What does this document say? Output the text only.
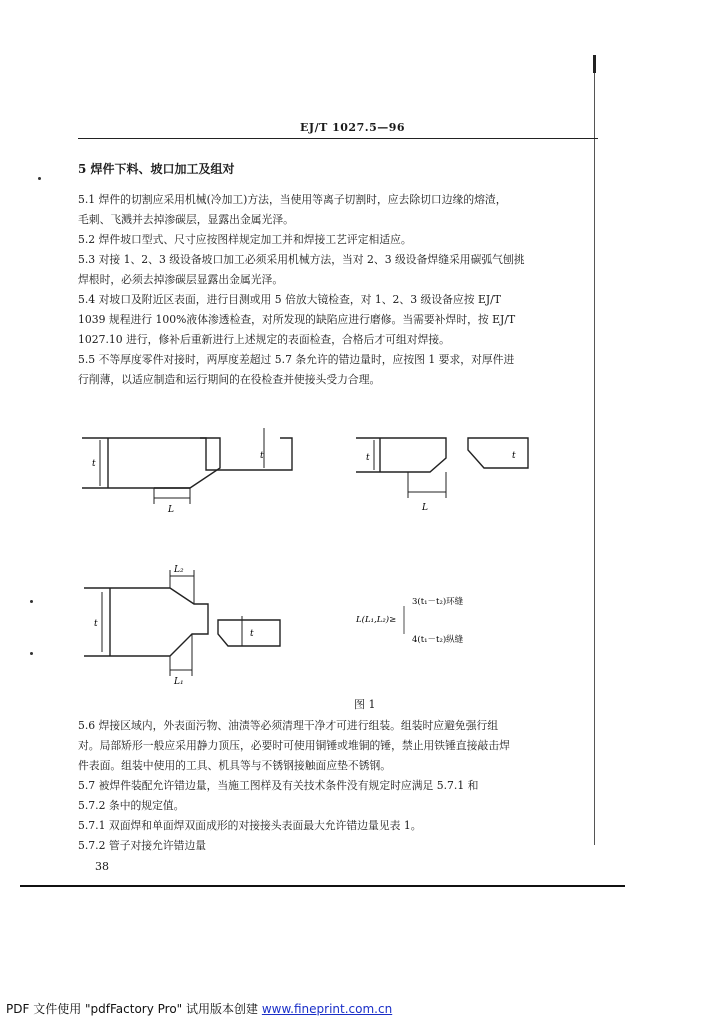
EJ/T 1027.5—96
5 焊件下料、坡口加工及组对

5.1 焊件的切割应采用机械(冷加工)方法，当使用等离子切割时，应去除切口边缘的熔渣，

毛刺、飞溅并去掉渗碳层，显露出金属光泽。

5.2 焊件坡口型式、尺寸应按图样规定加工并和焊接工艺评定相适应。

5.3 对接 1、2、3 级设备坡口加工必须采用机械方法，当对 2、3 级设备焊缝采用碳弧气刨挑

焊根时，必须去掉渗碳层显露出金属光泽。

5.4 对坡口及附近区表面，进行目测或用 5 倍放大镜检查，对 1、2、3 级设备应按 EJ/T

1039 规程进行 100%液体渗透检查，对所发现的缺陷应进行磨修。当需要补焊时，按 EJ/T

1027.10 进行，修补后重新进行上述规定的表面检查，合格后才可组对焊接。

5.5 不等厚度零件对接时，两厚度差超过 5.7 条允许的错边量时，应按图 1 要求，对厚件进

行削薄，以适应制造和运行期间的在役检查并使接头受力合理。

t
t
L
t	t
L
L₂
t
t
L₁
3(t₁－t₂)环缝
L(L₁,L₂)≥
4(t₁－t₂)纵缝
图 1

5.6 焊接区域内，外表面污物、油渍等必须清理干净才可进行组装。组装时应避免强行组

对。局部矫形一般应采用静力顶压，必要时可使用铜锤或堆铜的锤，禁止用铁锤直接敲击焊

件表面。组装中使用的工具、机具等与不锈钢接触面应垫不锈钢。

5.7 被焊件装配允许错边量，当施工图样及有关技术条件没有规定时应满足 5.7.1 和

5.7.2 条中的规定值。

5.7.1 双面焊和单面焊双面成形的对接接头表面最大允许错边量见表 1。

5.7.2 管子对接允许错边量

38
PDF 文件使用 "pdfFactory Pro" 试用版本创建 www.fineprint.com.cn
